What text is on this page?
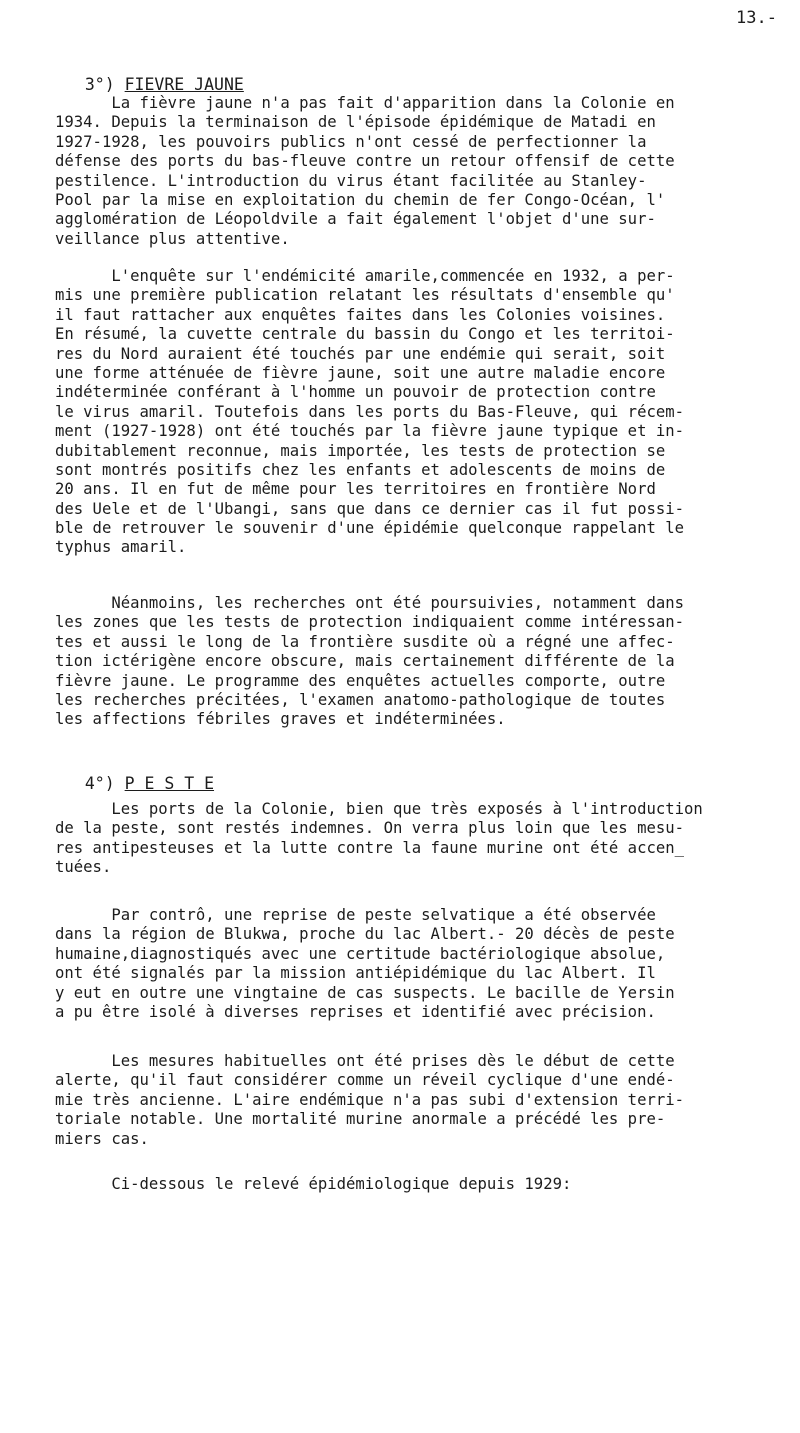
13.-

3°) FIEVRE JAUNE

La fièvre jaune n'a pas fait d'apparition dans la Colonie en
1934. Depuis la terminaison de l'épisode épidémique de Matadi en
1927-1928, les pouvoirs publics n'ont cessé de perfectionner la
défense des ports du bas-fleuve contre un retour offensif de cette
pestilence. L'introduction du virus étant facilitée au Stanley-
Pool par la mise en exploitation du chemin de fer Congo-Océan, l'
agglomération de Léopoldvile a fait également l'objet d'une sur-
veillance plus attentive.
L'enquête sur l'endémicité amarile,commencée en 1932, a per-
mis une première publication relatant les résultats d'ensemble qu'
il faut rattacher aux enquêtes faites dans les Colonies voisines.
En résumé, la cuvette centrale du bassin du Congo et les territoi-
res du Nord auraient été touchés par une endémie qui serait, soit
une forme atténuée de fièvre jaune, soit une autre maladie encore
indéterminée conférant à l'homme un pouvoir de protection contre
le virus amaril. Toutefois dans les ports du Bas-Fleuve, qui récem-
ment (1927-1928) ont été touchés par la fièvre jaune typique et in-
dubitablement reconnue, mais importée, les tests de protection se
sont montrés positifs chez les enfants et adolescents de moins de
20 ans. Il en fut de même pour les territoires en frontière Nord
des Uele et de l'Ubangi, sans que dans ce dernier cas il fut possi-
ble de retrouver le souvenir d'une épidémie quelconque rappelant le
typhus amaril.
Néanmoins, les recherches ont été poursuivies, notamment dans
les zones que les tests de protection indiquaient comme intéressan-
tes et aussi le long de la frontière susdite où a régné une affec-
tion ictérigène encore obscure, mais certainement différente de la
fièvre jaune. Le programme des enquêtes actuelles comporte, outre
les recherches précitées, l'examen anatomo-pathologique de toutes
les affections fébriles graves et indéterminées.

4°) P E S T E

Les ports de la Colonie, bien que très exposés à l'introduction
de la peste, sont restés indemnes. On verra plus loin que les mesu-
res antipesteuses et la lutte contre la faune murine ont été accen_
tuées.
Par contrô, une reprise de peste selvatique a été observée
dans la région de Blukwa, proche du lac Albert.- 20 décès de peste
humaine,diagnostiqués avec une certitude bactériologique absolue,
ont été signalés par la mission antiépidémique du lac Albert. Il
y eut en outre une vingtaine de cas suspects. Le bacille de Yersin
a pu être isolé à diverses reprises et identifié avec précision.
Les mesures habituelles ont été prises dès le début de cette
alerte, qu'il faut considérer comme un réveil cyclique d'une endé-
mie très ancienne. L'aire endémique n'a pas subi d'extension terri-
toriale notable. Une mortalité murine anormale a précédé les pre-
miers cas.
Ci-dessous le relevé épidémiologique depuis 1929:
